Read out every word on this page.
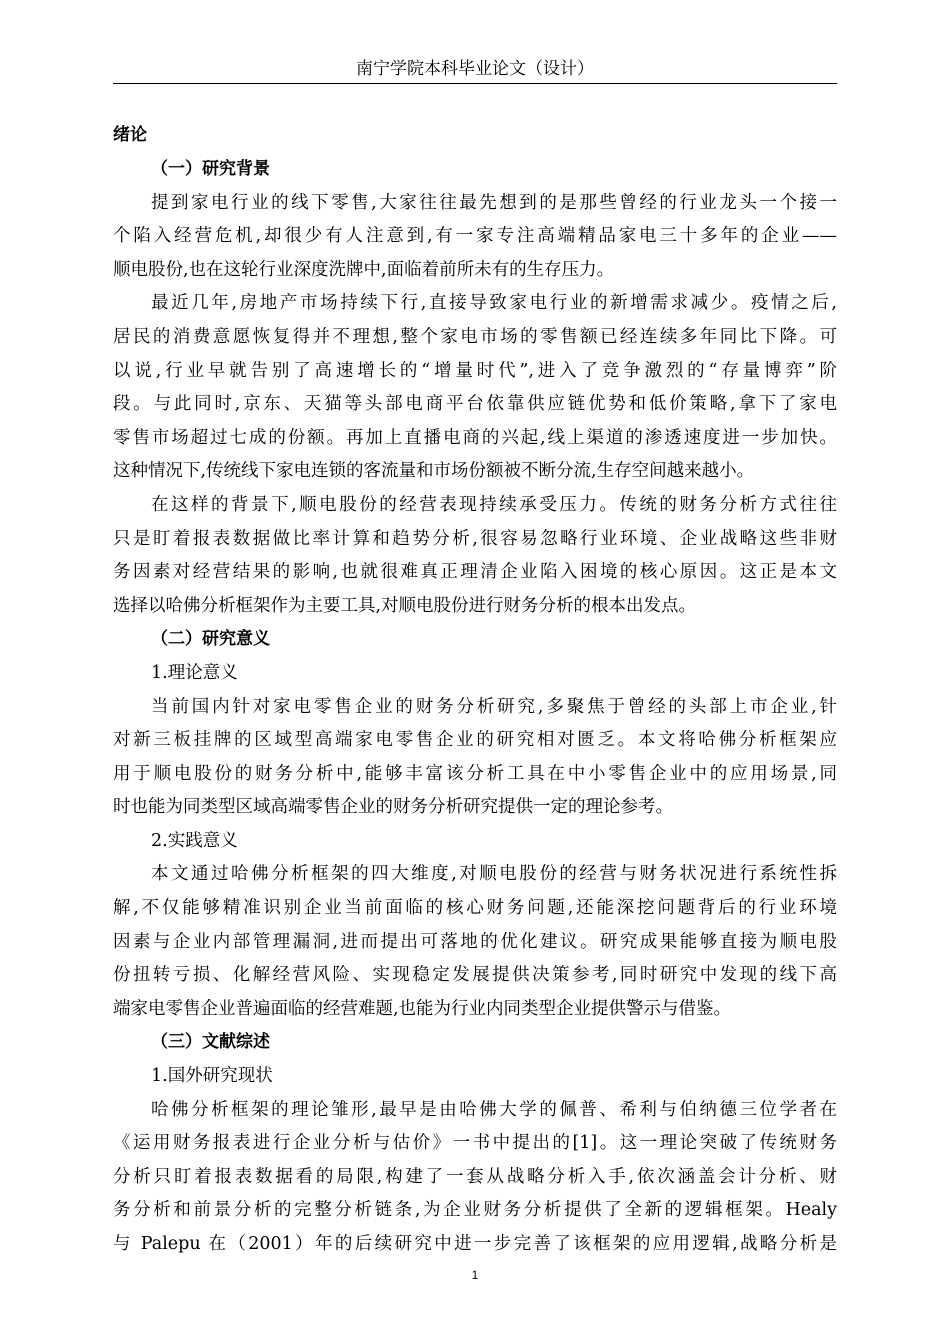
南宁学院本科毕业论文（设计）
绪论
（一）研究背景
提到家电行业的线下零售,大家往往最先想到的是那些曾经的行业龙头一个接一
个陷入经营危机,却很少有人注意到,有一家专注高端精品家电三十多年的企业——
顺电股份,也在这轮行业深度洗牌中,面临着前所未有的生存压力。
最近几年,房地产市场持续下行,直接导致家电行业的新增需求减少。疫情之后,
居民的消费意愿恢复得并不理想,整个家电市场的零售额已经连续多年同比下降。可
以说,行业早就告别了高速增长的“增量时代”,进入了竞争激烈的“存量博弈”阶
段。与此同时,京东、天猫等头部电商平台依靠供应链优势和低价策略,拿下了家电
零售市场超过七成的份额。再加上直播电商的兴起,线上渠道的渗透速度进一步加快。
这种情况下,传统线下家电连锁的客流量和市场份额被不断分流,生存空间越来越小。
在这样的背景下,顺电股份的经营表现持续承受压力。传统的财务分析方式往往
只是盯着报表数据做比率计算和趋势分析,很容易忽略行业环境、企业战略这些非财
务因素对经营结果的影响,也就很难真正理清企业陷入困境的核心原因。这正是本文
选择以哈佛分析框架作为主要工具,对顺电股份进行财务分析的根本出发点。
（二）研究意义
1.理论意义
当前国内针对家电零售企业的财务分析研究,多聚焦于曾经的头部上市企业,针
对新三板挂牌的区域型高端家电零售企业的研究相对匮乏。本文将哈佛分析框架应
用于顺电股份的财务分析中,能够丰富该分析工具在中小零售企业中的应用场景,同
时也能为同类型区域高端零售企业的财务分析研究提供一定的理论参考。
2.实践意义
本文通过哈佛分析框架的四大维度,对顺电股份的经营与财务状况进行系统性拆
解,不仅能够精准识别企业当前面临的核心财务问题,还能深挖问题背后的行业环境
因素与企业内部管理漏洞,进而提出可落地的优化建议。研究成果能够直接为顺电股
份扭转亏损、化解经营风险、实现稳定发展提供决策参考,同时研究中发现的线下高
端家电零售企业普遍面临的经营难题,也能为行业内同类型企业提供警示与借鉴。
（三）文献综述
1.国外研究现状
哈佛分析框架的理论雏形,最早是由哈佛大学的佩普、希利与伯纳德三位学者在
《运用财务报表进行企业分析与估价》一书中提出的[1]。这一理论突破了传统财务
分析只盯着报表数据看的局限,构建了一套从战略分析入手,依次涵盖会计分析、财
务分析和前景分析的完整分析链条,为企业财务分析提供了全新的逻辑框架。Healy
与 Palepu 在（2001）年的后续研究中进一步完善了该框架的应用逻辑,战略分析是
1
